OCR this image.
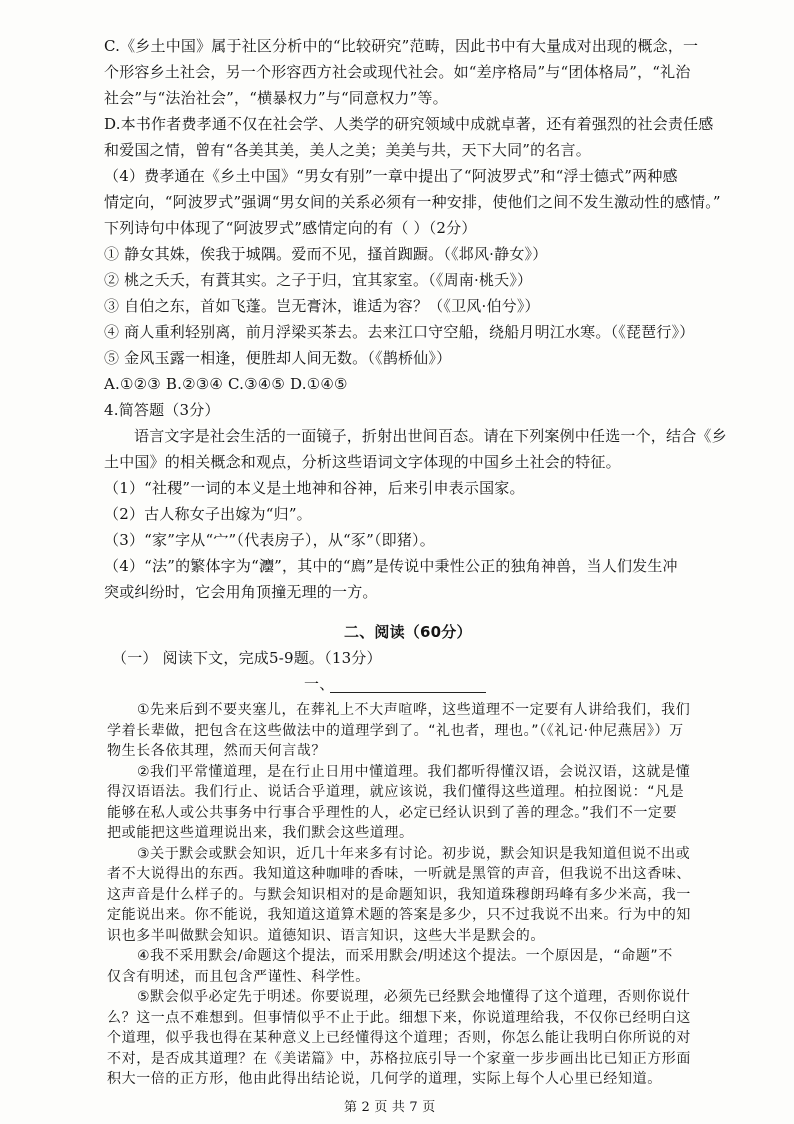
C.《乡土中国》属于社区分析中的“比较研究”范畴，因此书中有大量成对出现的概念，一
个形容乡土社会，另一个形容西方社会或现代社会。如“差序格局”与“团体格局”，“礼治
社会”与“法治社会”，“横暴权力”与“同意权力”等。
D.本书作者费孝通不仅在社会学、人类学的研究领域中成就卓著，还有着强烈的社会责任感
和爱国之情，曾有“各美其美，美人之美；美美与共，天下大同”的名言。
（4）费孝通在《乡土中国》“男女有别”一章中提出了“阿波罗式”和“浮士德式”两种感
情定向，“阿波罗式”强调“男女间的关系必须有一种安排，使他们之间不发生激动性的感情。”
下列诗句中体现了“阿波罗式”感情定向的有（ ）（2分）
① 静女其姝，俟我于城隅。爱而不见，搔首踟蹰。（《邶风·静女》）
② 桃之夭夭，有蕡其实。之子于归，宜其家室。（《周南·桃夭》）
③ 自伯之东，首如飞蓬。岂无膏沐，谁适为容？（《卫风·伯兮》）
④ 商人重利轻别离，前月浮梁买茶去。去来江口守空船，绕船月明江水寒。（《琵琶行》）
⑤ 金风玉露一相逢，便胜却人间无数。（《鹊桥仙》）
A.①②③ B.②③④ C.③④⑤ D.①④⑤
4.简答题（3分）
语言文字是社会生活的一面镜子，折射出世间百态。请在下列案例中任选一个，结合《乡
土中国》的相关概念和观点，分析这些语词文字体现的中国乡土社会的特征。
（1）“社稷”一词的本义是土地神和谷神，后来引申表示国家。
（2）古人称女子出嫁为“归”。
（3）“家”字从“宀”（代表房子），从“豕”（即猪）。
（4）“法”的繁体字为“灋”，其中的“廌”是传说中秉性公正的独角神兽，当人们发生冲
突或纠纷时，它会用角顶撞无理的一方。
二、阅读（60分）
（一） 阅读下文，完成5-9题。（13分）
一、
①先来后到不要夹塞儿，在葬礼上不大声喧哗，这些道理不一定要有人讲给我们，我们
学着长辈做，把包含在这些做法中的道理学到了。“礼也者，理也。”（《礼记·仲尼燕居》）万
物生长各依其理，然而天何言哉？
②我们平常懂道理，是在行止日用中懂道理。我们都听得懂汉语，会说汉语，这就是懂
得汉语语法。我们行止、说话合乎道理，就应该说，我们懂得这些道理。柏拉图说：“凡是
能够在私人或公共事务中行事合乎理性的人，必定已经认识到了善的理念。”我们不一定要
把或能把这些道理说出来，我们默会这些道理。
③关于默会或默会知识，近几十年来多有讨论。初步说，默会知识是我知道但说不出或
者不大说得出的东西。我知道这种咖啡的香味，一听就是黑管的声音，但我说不出这香味、
这声音是什么样子的。与默会知识相对的是命题知识，我知道珠穆朗玛峰有多少米高，我一
定能说出来。你不能说，我知道这道算术题的答案是多少，只不过我说不出来。行为中的知
识也多半叫做默会知识。道德知识、语言知识，这些大半是默会的。
④我不采用默会/命题这个提法，而采用默会/明述这个提法。一个原因是，“命题”不
仅含有明述，而且包含严谨性、科学性。
⑤默会似乎必定先于明述。你要说理，必须先已经默会地懂得了这个道理，否则你说什
么？这一点不难想到。但事情似乎不止于此。细想下来，你说道理给我，不仅你已经明白这
个道理，似乎我也得在某种意义上已经懂得这个道理；否则，你怎么能让我明白你所说的对
第 2 页 共 7 页
不对，是否成其道理？在《美诺篇》中，苏格拉底引导一个家童一步步画出比已知正方形面
积大一倍的正方形，他由此得出结论说，几何学的道理，实际上每个人心里已经知道。
